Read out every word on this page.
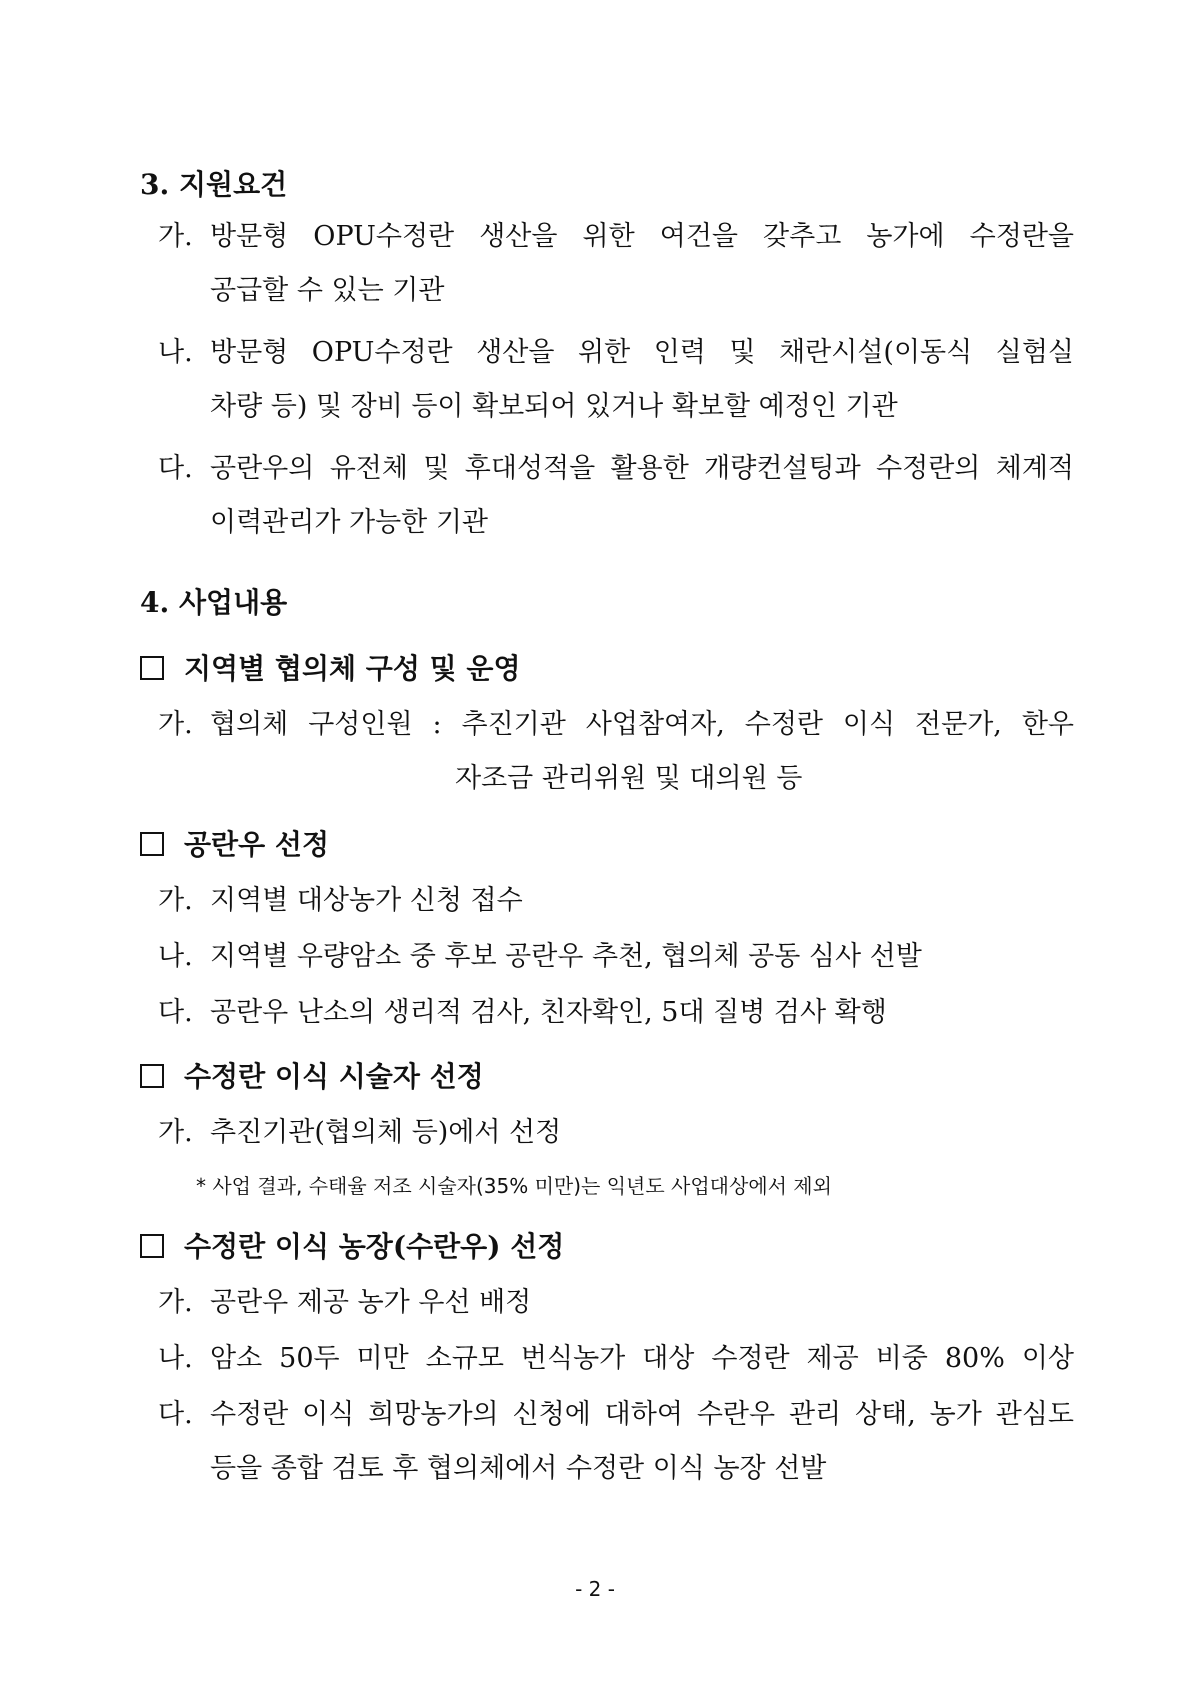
3. 지원요건
가. 방문형 OPU수정란 생산을 위한 여건을 갖추고 농가에 수정란을
공급할 수 있는 기관
나. 방문형 OPU수정란 생산을 위한 인력 및 채란시설(이동식 실험실
차량 등) 및 장비 등이 확보되어 있거나 확보할 예정인 기관
다. 공란우의 유전체 및 후대성적을 활용한 개량컨설팅과 수정란의 체계적
이력관리가 가능한 기관
4. 사업내용
지역별 협의체 구성 및 운영
가. 협의체 구성인원 : 추진기관 사업참여자, 수정란 이식 전문가, 한우
자조금 관리위원 및 대의원 등
공란우 선정
가. 지역별 대상농가 신청 접수
나. 지역별 우량암소 중 후보 공란우 추천, 협의체 공동 심사 선발
다. 공란우 난소의 생리적 검사, 친자확인, 5대 질병 검사 확행
수정란 이식 시술자 선정
가. 추진기관(협의체 등)에서 선정
* 사업 결과, 수태율 저조 시술자(35% 미만)는 익년도 사업대상에서 제외
수정란 이식 농장(수란우) 선정
가. 공란우 제공 농가 우선 배정
나. 암소 50두 미만 소규모 번식농가 대상 수정란 제공 비중 80% 이상
다. 수정란 이식 희망농가의 신청에 대하여 수란우 관리 상태, 농가 관심도
등을 종합 검토 후 협의체에서 수정란 이식 농장 선발
- 2 -
